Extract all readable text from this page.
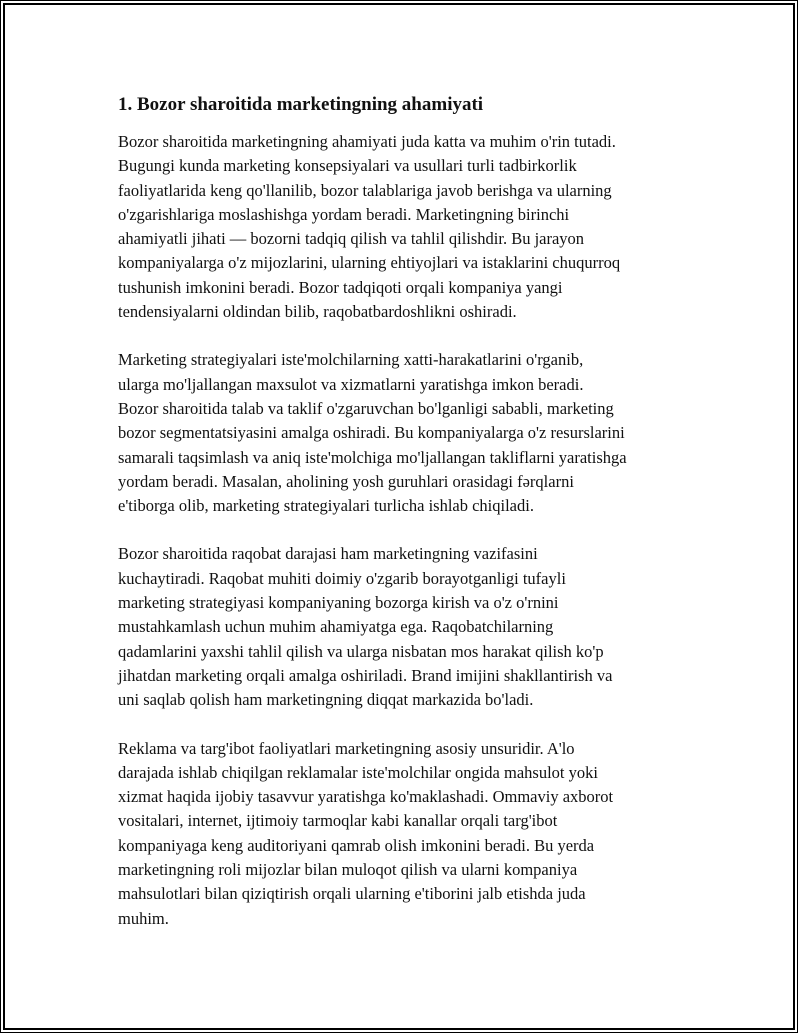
1. Bozor sharoitida marketingning ahamiyati

Bozor sharoitida marketingning ahamiyati juda katta va muhim o'rin tutadi.
Bugungi kunda marketing konsepsiyalari va usullari turli tadbirkorlik
faoliyatlarida keng qo'llanilib, bozor talablariga javob berishga va ularning
o'zgarishlariga moslashishga yordam beradi. Marketingning birinchi
ahamiyatli jihati — bozorni tadqiq qilish va tahlil qilishdir. Bu jarayon
kompaniyalarga o'z mijozlarini, ularning ehtiyojlari va istaklarini chuqurroq
tushunish imkonini beradi. Bozor tadqiqoti orqali kompaniya yangi
tendensiyalarni oldindan bilib, raqobatbardoshlikni oshiradi.

Marketing strategiyalari iste'molchilarning xatti-harakatlarini o'rganib,
ularga mo'ljallangan maxsulot va xizmatlarni yaratishga imkon beradi.
Bozor sharoitida talab va taklif o'zgaruvchan bo'lganligi sababli, marketing
bozor segmentatsiyasini amalga oshiradi. Bu kompaniyalarga o'z resurslarini
samarali taqsimlash va aniq iste'molchiga mo'ljallangan takliflarni yaratishga
yordam beradi. Masalan, aholining yosh guruhlari orasidagi fərqlarni
e'tiborga olib, marketing strategiyalari turlicha ishlab chiqiladi.

Bozor sharoitida raqobat darajasi ham marketingning vazifasini
kuchaytiradi. Raqobat muhiti doimiy o'zgarib borayotganligi tufayli
marketing strategiyasi kompaniyaning bozorga kirish va o'z o'rnini
mustahkamlash uchun muhim ahamiyatga ega. Raqobatchilarning
qadamlarini yaxshi tahlil qilish va ularga nisbatan mos harakat qilish ko'p
jihatdan marketing orqali amalga oshiriladi. Brand imijini shakllantirish va
uni saqlab qolish ham marketingning diqqat markazida bo'ladi.

Reklama va targ'ibot faoliyatlari marketingning asosiy unsuridir. A'lo
darajada ishlab chiqilgan reklamalar iste'molchilar ongida mahsulot yoki
xizmat haqida ijobiy tasavvur yaratishga ko'maklashadi. Ommaviy axborot
vositalari, internet, ijtimoiy tarmoqlar kabi kanallar orqali targ'ibot
kompaniyaga keng auditoriyani qamrab olish imkonini beradi. Bu yerda
marketingning roli mijozlar bilan muloqot qilish va ularni kompaniya
mahsulotlari bilan qiziqtirish orqali ularning e'tiborini jalb etishda juda
muhim.
